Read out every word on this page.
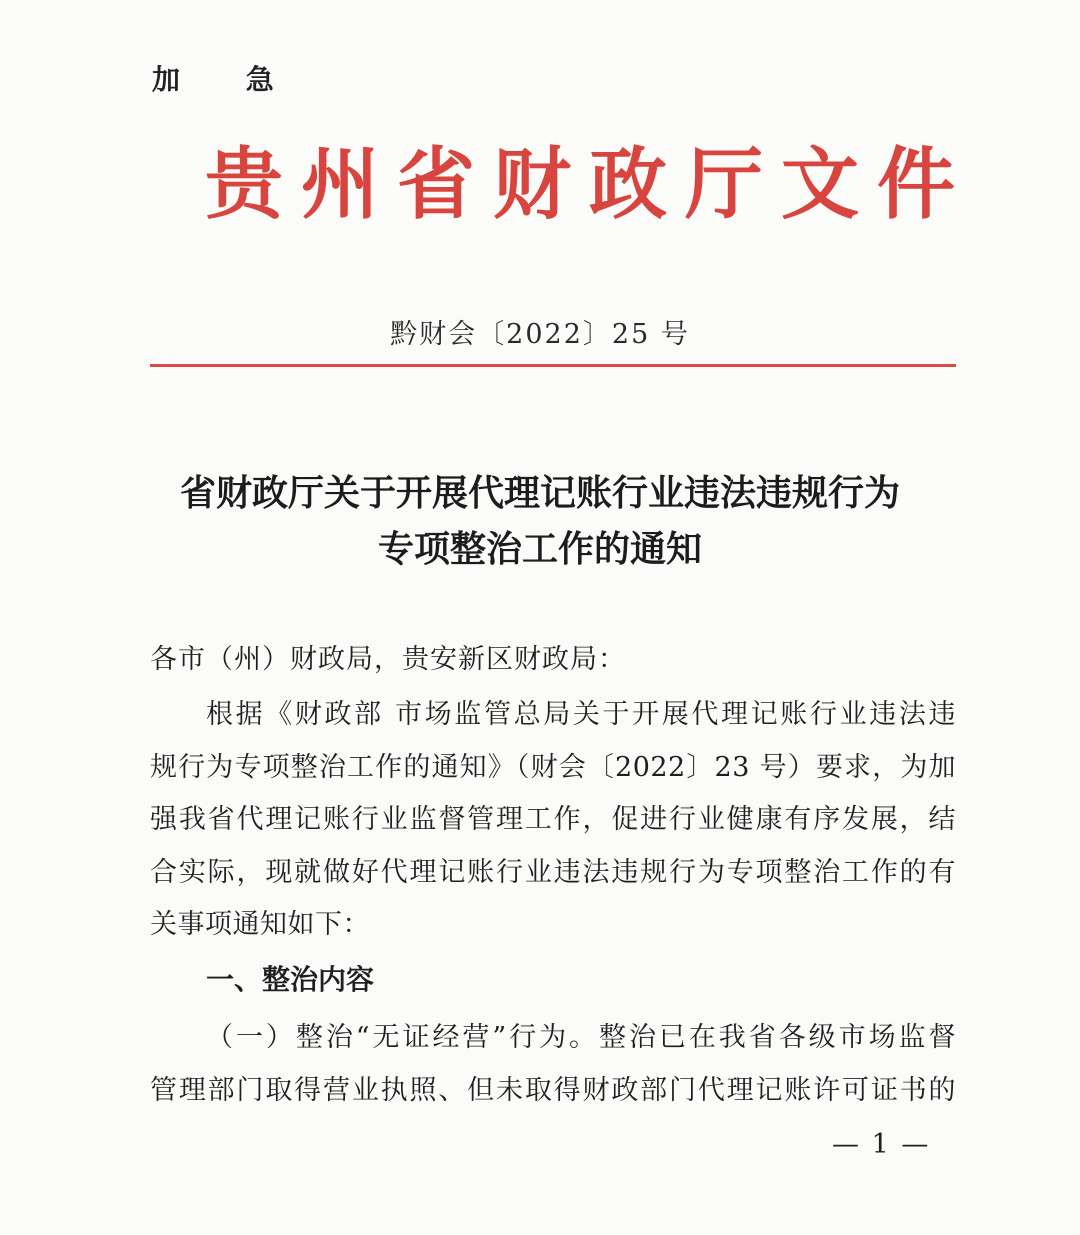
加 急
贵州省财政厅文件
黔财会〔2022〕25 号
省财政厅关于开展代理记账行业违法违规行为
专项整治工作的通知
各市（州）财政局，贵安新区财政局：
根据《财政部 市场监管总局关于开展代理记账行业违法违
规行为专项整治工作的通知》（财会〔2022〕23 号）要求，为加
强我省代理记账行业监督管理工作，促进行业健康有序发展，结
合实际，现就做好代理记账行业违法违规行为专项整治工作的有
关事项通知如下：
一、整治内容
（一）整治“无证经营”行为。整治已在我省各级市场监督
管理部门取得营业执照、但未取得财政部门代理记账许可证书的
— 1 —
